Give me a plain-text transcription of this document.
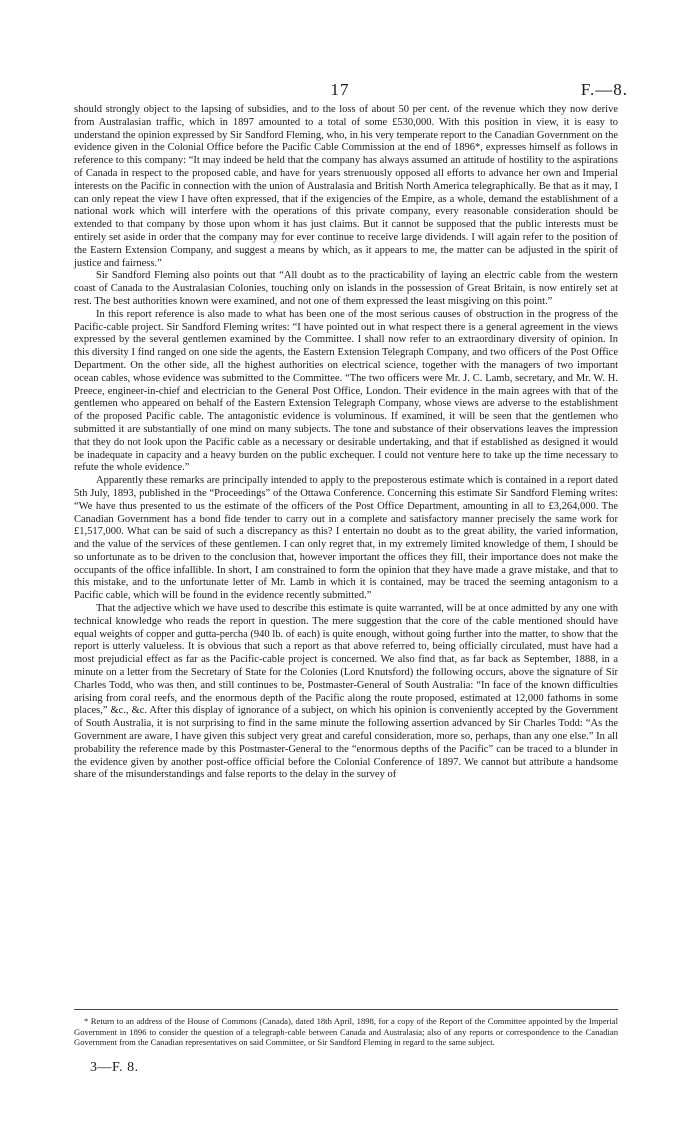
17	F.—8.

should strongly object to the lapsing of subsidies, and to the loss of about 50 per cent. of the revenue which they now derive from Australasian traffic, which in 1897 amounted to a total of some £530,000. With this position in view, it is easy to understand the opinion expressed by Sir Sandford Fleming, who, in his very temperate report to the Canadian Government on the evidence given in the Colonial Office before the Pacific Cable Commission at the end of 1896*, expresses himself as follows in reference to this company: “It may indeed be held that the company has always assumed an attitude of hostility to the aspirations of Canada in respect to the proposed cable, and have for years strenuously opposed all efforts to advance her own and Imperial interests on the Pacific in connection with the union of Australasia and British North America telegraphically. Be that as it may, I can only repeat the view I have often expressed, that if the exigencies of the Empire, as a whole, demand the establishment of a national work which will interfere with the operations of this private company, every reasonable consideration should be extended to that company by those upon whom it has just claims. But it cannot be supposed that the public interests must be entirely set aside in order that the company may for ever continue to receive large dividends. I will again refer to the position of the Eastern Extension Company, and suggest a means by which, as it appears to me, the matter can be adjusted in the spirit of justice and fairness.”

Sir Sandford Fleming also points out that “All doubt as to the practicability of laying an electric cable from the western coast of Canada to the Australasian Colonies, touching only on islands in the possession of Great Britain, is now entirely set at rest. The best authorities known were examined, and not one of them expressed the least misgiving on this point.”

In this report reference is also made to what has been one of the most serious causes of obstruction in the progress of the Pacific-cable project. Sir Sandford Fleming writes: “I have pointed out in what respect there is a general agreement in the views expressed by the several gentlemen examined by the Committee. I shall now refer to an extraordinary diversity of opinion. In this diversity I find ranged on one side the agents, the Eastern Extension Telegraph Company, and two officers of the Post Office Department. On the other side, all the highest authorities on electrical science, together with the managers of two important ocean cables, whose evidence was submitted to the Committee. “The two officers were Mr. J. C. Lamb, secretary, and Mr. W. H. Preece, engineer-in-chief and electrician to the General Post Office, London. Their evidence in the main agrees with that of the gentlemen who appeared on behalf of the Eastern Extension Telegraph Company, whose views are adverse to the establishment of the proposed Pacific cable. The antagonistic evidence is voluminous. If examined, it will be seen that the gentlemen who submitted it are substantially of one mind on many subjects. The tone and substance of their observations leaves the impression that they do not look upon the Pacific cable as a necessary or desirable undertaking, and that if established as designed it would be inadequate in capacity and a heavy burden on the public exchequer. I could not venture here to take up the time necessary to refute the whole evidence.”

Apparently these remarks are principally intended to apply to the preposterous estimate which is contained in a report dated 5th July, 1893, published in the “Proceedings” of the Ottawa Conference. Concerning this estimate Sir Sandford Fleming writes: “We have thus presented to us the estimate of the officers of the Post Office Department, amounting in all to £3,264,000. The Canadian Government has a bond fide tender to carry out in a complete and satisfactory manner precisely the same work for £1,517,000. What can be said of such a discrepancy as this? I entertain no doubt as to the great ability, the varied information, and the value of the services of these gentlemen. I can only regret that, in my extremely limited knowledge of them, I should be so unfortunate as to be driven to the conclusion that, however important the offices they fill, their importance does not make the occupants of the office infallible. In short, I am constrained to form the opinion that they have made a grave mistake, and that to this mistake, and to the unfortunate letter of Mr. Lamb in which it is contained, may be traced the seeming antagonism to a Pacific cable, which will be found in the evidence recently submitted.”

That the adjective which we have used to describe this estimate is quite warranted, will be at once admitted by any one with technical knowledge who reads the report in question. The mere suggestion that the core of the cable mentioned should have equal weights of copper and gutta-percha (940 lb. of each) is quite enough, without going further into the matter, to show that the report is utterly valueless. It is obvious that such a report as that above referred to, being officially circulated, must have had a most prejudicial effect as far as the Pacific-cable project is concerned. We also find that, as far back as September, 1888, in a minute on a letter from the Secretary of State for the Colonies (Lord Knutsford) the following occurs, above the signature of Sir Charles Todd, who was then, and still continues to be, Postmaster-General of South Australia: “In face of the known difficulties arising from coral reefs, and the enormous depth of the Pacific along the route proposed, estimated at 12,000 fathoms in some places,” &c., &c. After this display of ignorance of a subject, on which his opinion is conveniently accepted by the Government of South Australia, it is not surprising to find in the same minute the following assertion advanced by Sir Charles Todd: “As the Government are aware, I have given this subject very great and careful consideration, more so, perhaps, than any one else.” In all probability the reference made by this Postmaster-General to the “enormous depths of the Pacific” can be traced to a blunder in the evidence given by another post-office official before the Colonial Conference of 1897. We cannot but attribute a handsome share of the misunderstandings and false reports to the delay in the survey of

* Return to an address of the House of Commons (Canada), dated 18th April, 1898, for a copy of the Report of the Committee appointed by the Imperial Government in 1896 to consider the question of a telegraph-cable between Canada and Australasia; also of any reports or correspondence to the Canadian Government from the Canadian representatives on said Committee, or Sir Sandford Fleming in regard to the same subject.

3—F. 8.
